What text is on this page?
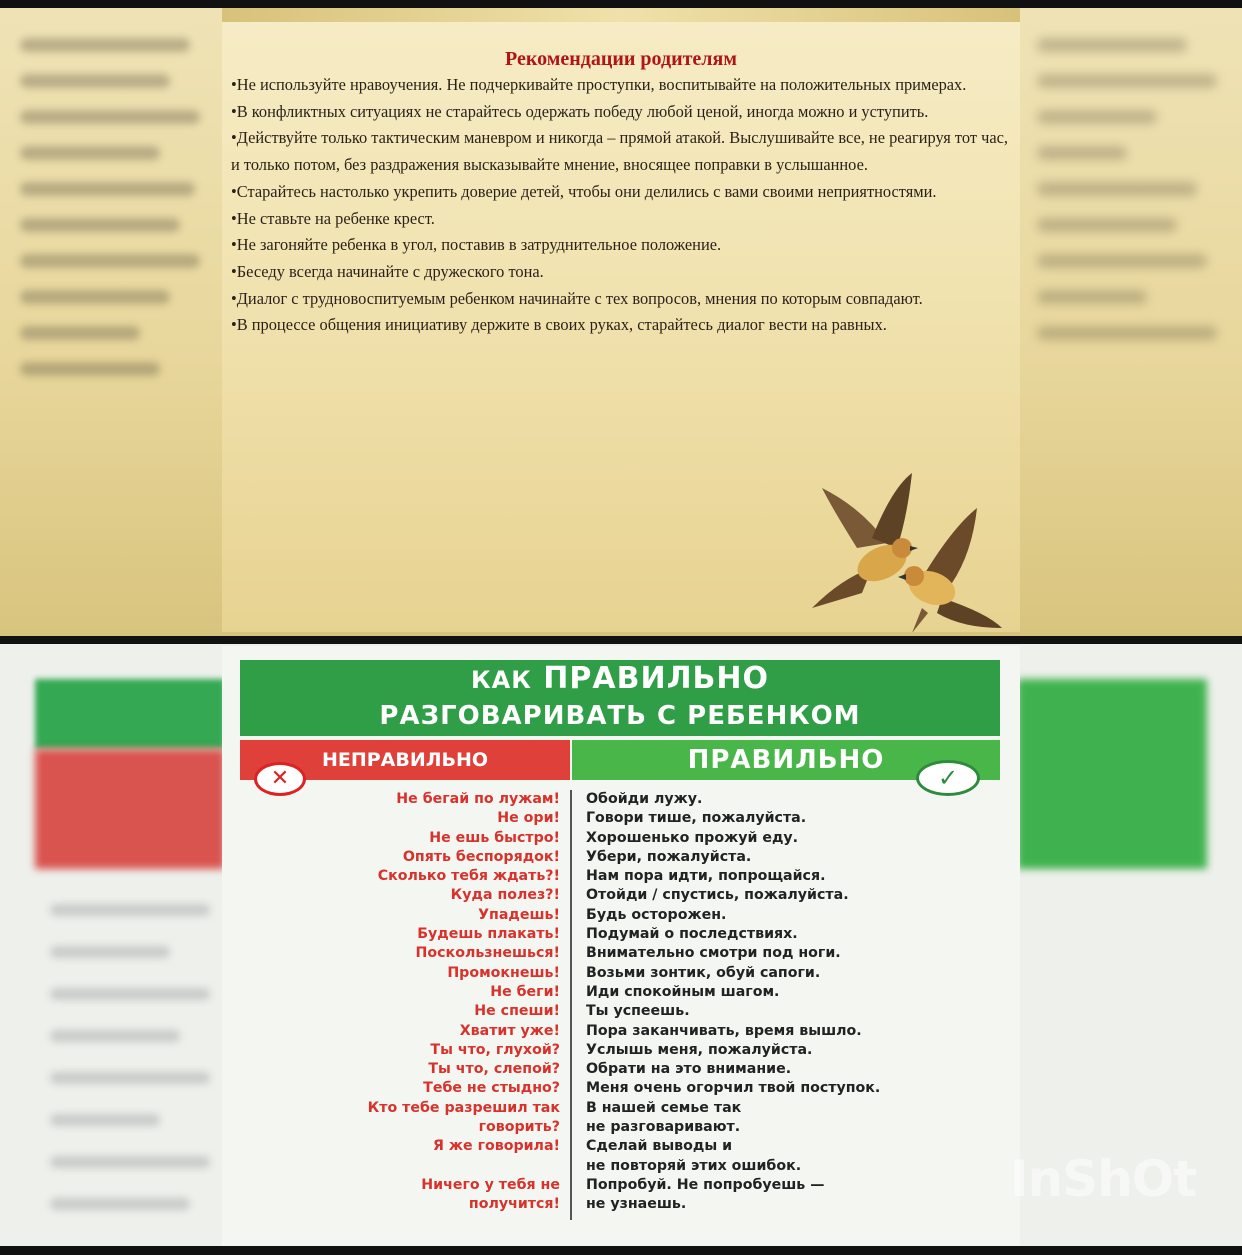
Рекомендации родителям
•Не используйте нравоучения. Не подчеркивайте проступки, воспитывайте на положительных примерах.
•В конфликтных ситуациях не старайтесь одержать победу любой ценой, иногда можно и уступить.
•Действуйте только тактическим маневром и никогда – прямой атакой. Выслушивайте все, не реагируя тот час, и только потом, без раздражения высказывайте мнение, вносящее поправки в услышанное.
•Старайтесь настолько укрепить доверие детей, чтобы они делились с вами своими неприятностями.
•Не ставьте на ребенке крест.
•Не загоняйте ребенка в угол, поставив в затруднительное положение.
•Беседу всегда начинайте с дружеского тона.
•Диалог с трудновоспитуемым ребенком начинайте с тех вопросов, мнения по которым совпадают.
•В процессе общения инициативу держите в своих руках, старайтесь диалог вести на равных.
КАК ПРАВИЛЬНО
РАЗГОВАРИВАТЬ С РЕБЕНКОМ
НЕПРАВИЛЬНО	ПРАВИЛЬНО
✕	✓
Не бегай по лужам!	Обойди лужу.
Не ори!	Говори тише, пожалуйста.
Не ешь быстро!	Хорошенько прожуй еду.
Опять беспорядок!	Убери, пожалуйста.
Сколько тебя ждать?!	Нам пора идти, попрощайся.
Куда полез?!	Отойди / спустись, пожалуйста.
Упадешь!	Будь осторожен.
Будешь плакать!	Подумай о последствиях.
Поскользнешься!	Внимательно смотри под ноги.
Промокнешь!	Возьми зонтик, обуй сапоги.
Не беги!	Иди спокойным шагом.
Не спеши!	Ты успеешь.
Хватит уже!	Пора заканчивать, время вышло.
Ты что, глухой?	Услышь меня, пожалуйста.
Ты что, слепой?	Обрати на это внимание.
Тебе не стыдно?	Меня очень огорчил твой поступок.
Кто тебе разрешил так	В нашей семье так
говорить?	не разговаривают.
Я же говорила!	Сделай выводы и
не повторяй этих ошибок.
Ничего у тебя не	Попробуй. Не попробуешь —
получится!	не узнаешь.	InShOt
